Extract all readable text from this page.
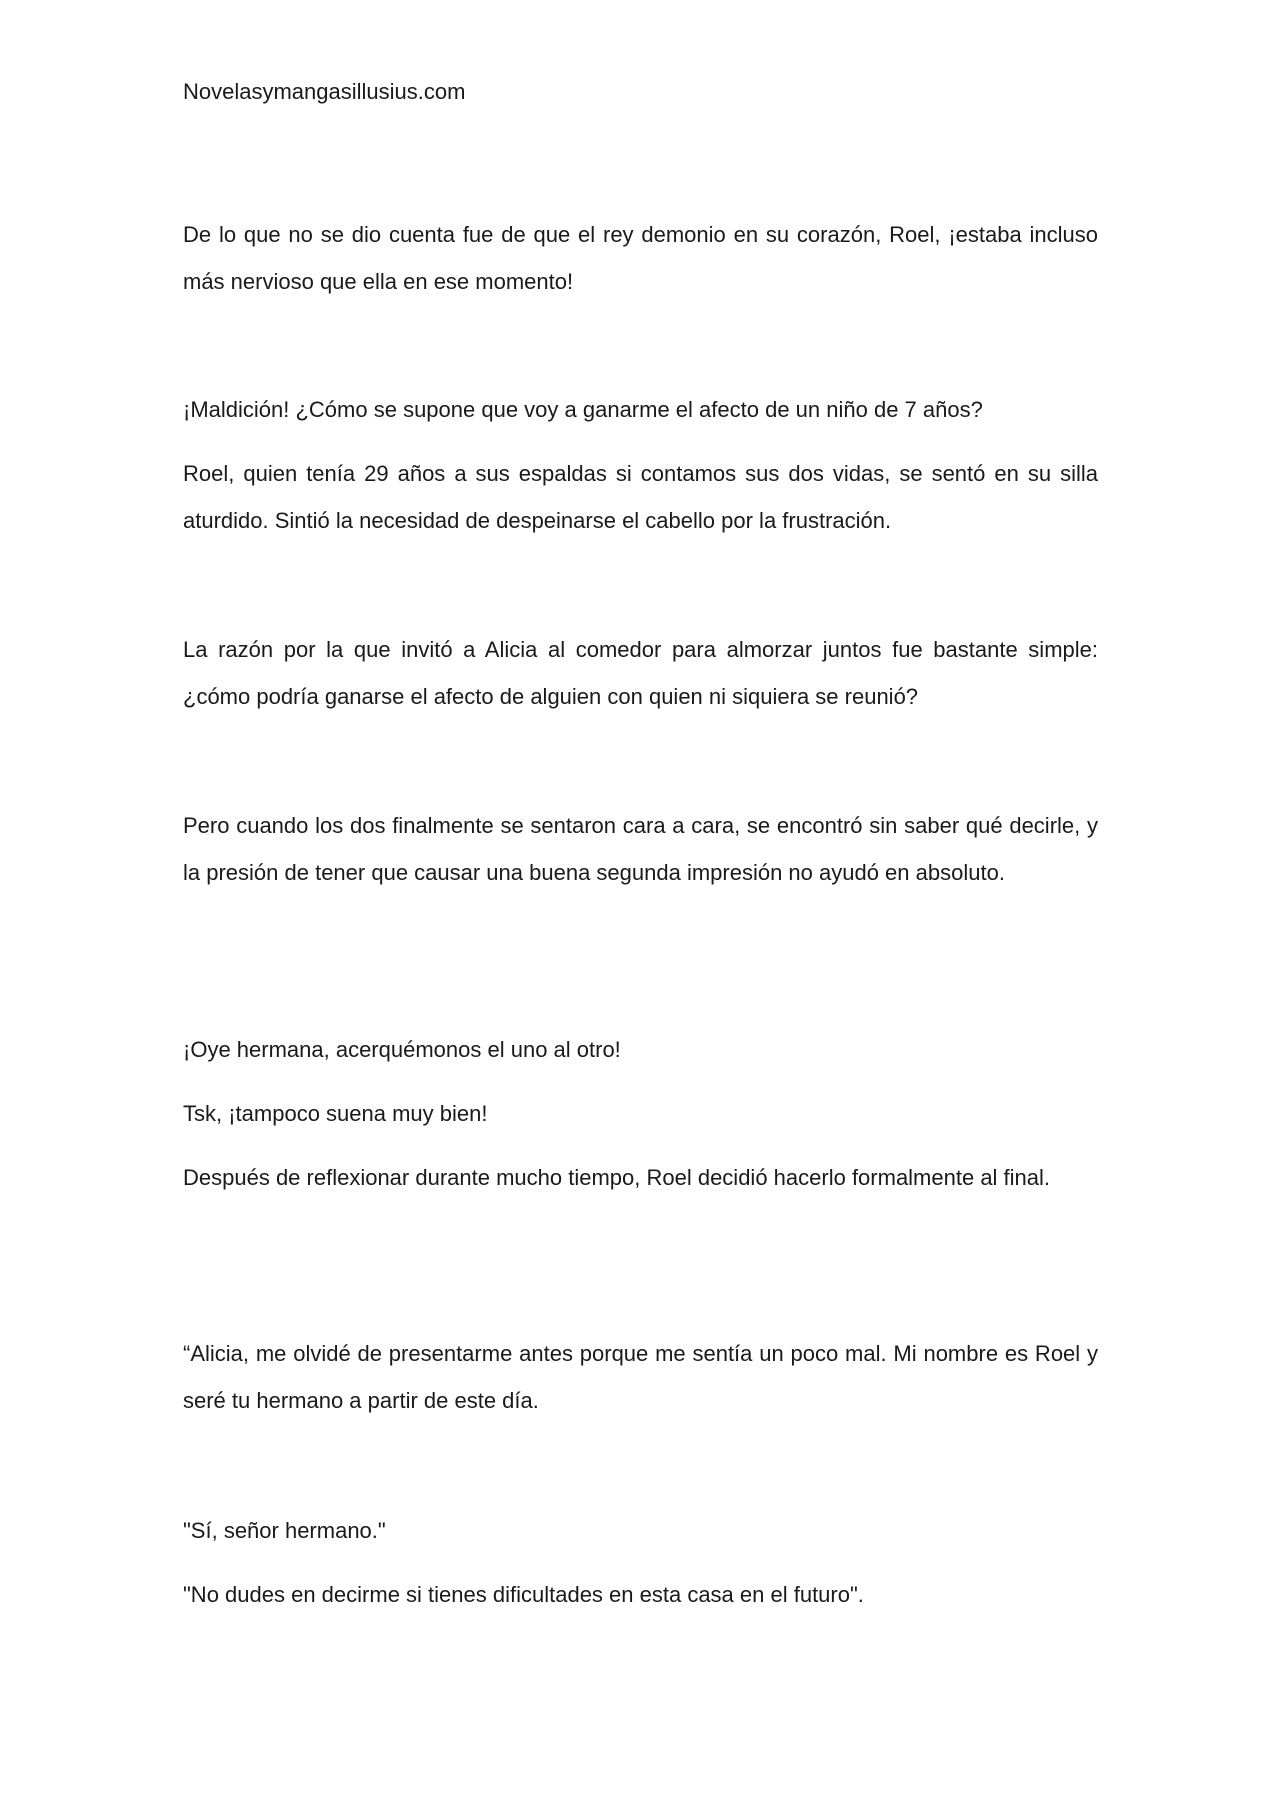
Novelasymangasillusius.com

De lo que no se dio cuenta fue de que el rey demonio en su corazón, Roel, ¡estaba incluso más nervioso que ella en ese momento!

¡Maldición! ¿Cómo se supone que voy a ganarme el afecto de un niño de 7 años?

Roel, quien tenía 29 años a sus espaldas si contamos sus dos vidas, se sentó en su silla aturdido. Sintió la necesidad de despeinarse el cabello por la frustración.

La razón por la que invitó a Alicia al comedor para almorzar juntos fue bastante simple: ¿cómo podría ganarse el afecto de alguien con quien ni siquiera se reunió?

Pero cuando los dos finalmente se sentaron cara a cara, se encontró sin saber qué decirle, y la presión de tener que causar una buena segunda impresión no ayudó en absoluto.

¡Oye hermana, acerquémonos el uno al otro!

Tsk, ¡tampoco suena muy bien!

Después de reflexionar durante mucho tiempo, Roel decidió hacerlo formalmente al final.

“Alicia, me olvidé de presentarme antes porque me sentía un poco mal. Mi nombre es Roel y seré tu hermano a partir de este día.

"Sí, señor hermano."

"No dudes en decirme si tienes dificultades en esta casa en el futuro".
